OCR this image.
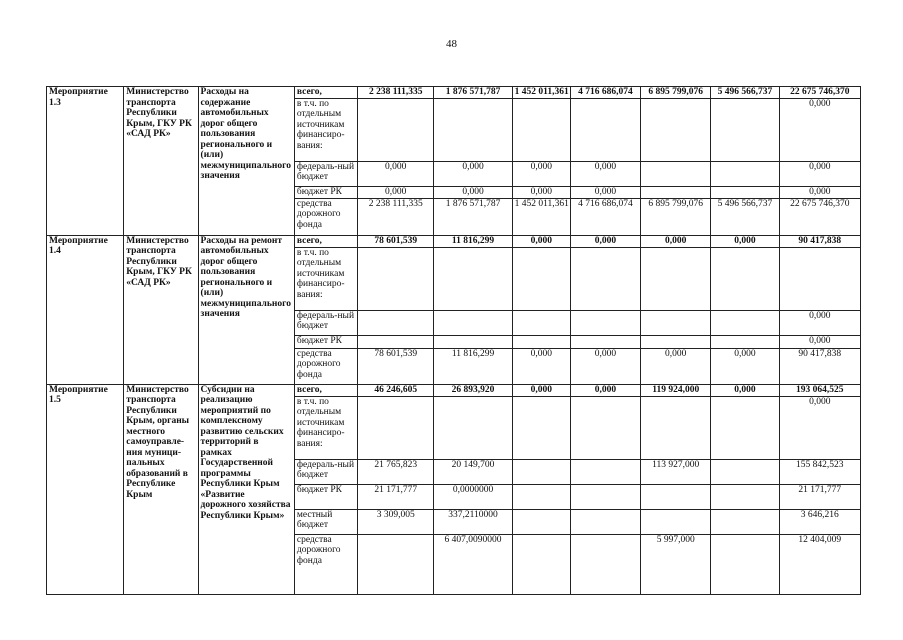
48
Мероприятие 1.3	Министерство транспорта Республики Крым, ГКУ РК «САД РК»	Расходы на содержание автомобильных дорог общего пользования регионального и (или) межмуниципального значения	всего,	2 238 111,335	1 876 571,787	1 452 011,361	4 716 686,074	6 895 799,076	5 496 566,737	22 675 746,370
			в т.ч. по отдельным источникам финансиро-вания:							0,000
			федераль-ный бюджет	0,000	0,000	0,000	0,000			0,000
			бюджет РК	0,000	0,000	0,000	0,000			0,000
			средства дорожного фонда	2 238 111,335	1 876 571,787	1 452 011,361	4 716 686,074	6 895 799,076	5 496 566,737	22 675 746,370
Мероприятие 1.4	Министерство транспорта Республики Крым, ГКУ РК «САД РК»	Расходы на ремонт автомобильных дорог общего пользования регионального и (или) межмуниципального значения	всего,	78 601,539	11 816,299	0,000	0,000	0,000	0,000	90 417,838
			в т.ч. по отдельным источникам финансиро-вания:							
			федераль-ный бюджет							0,000
			бюджет РК							0,000
			средства дорожного фонда	78 601,539	11 816,299	0,000	0,000	0,000	0,000	90 417,838
Мероприятие 1.5	Министерство транспорта Республики Крым, органы местного самоуправле-ния муници-пальных образований в Республике Крым	Субсидии на реализацию мероприятий по комплексному развитию сельских территорий в рамках Государственной программы Республики Крым «Развитие дорожного хозяйства Республики Крым»	всего,	46 246,605	26 893,920	0,000	0,000	119 924,000	0,000	193 064,525
			в т.ч. по отдельным источникам финансиро-вания:							0,000
			федераль-ный бюджет	21 765,823	20 149,700			113 927,000		155 842,523
			бюджет РК	21 171,777	0,0000000					21 171,777
			местный бюджет	3 309,005	337,2110000					3 646,216
			средства дорожного фонда		6 407,0090000			5 997,000		12 404,009
